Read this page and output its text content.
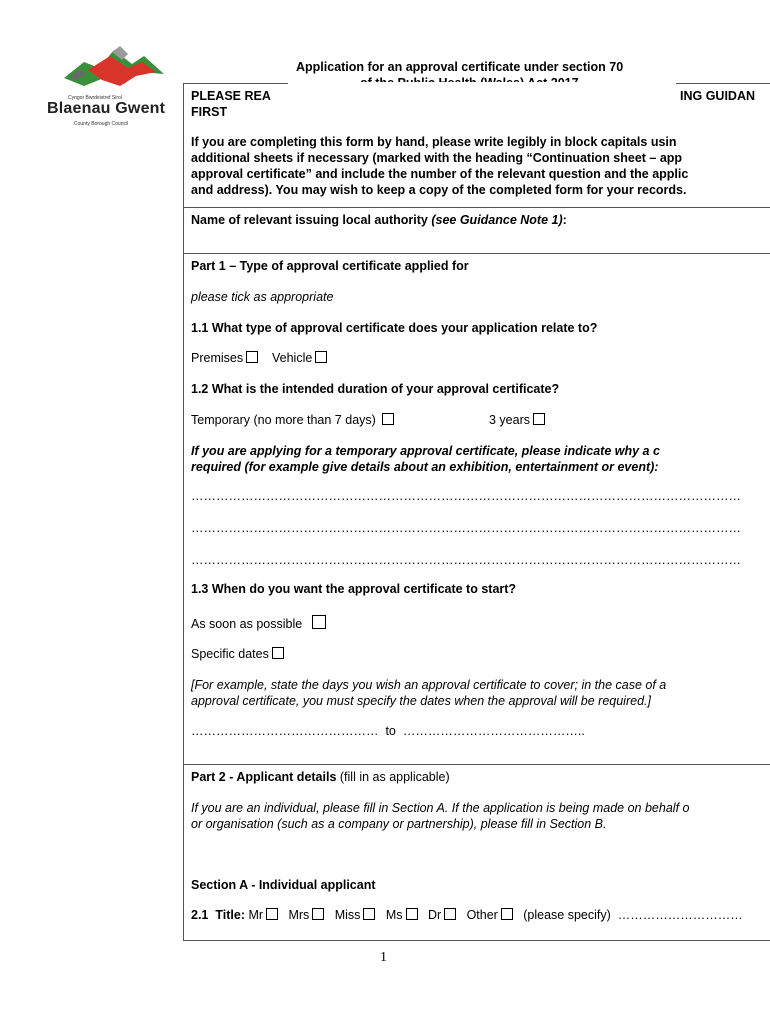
Cyngor Bwrdeistref Sirol
Blaenau Gwent
County Borough Council
Application for an approval certificate under section 70
PLEASE REA	ING GUIDAN
FIRST
If you are completing this form by hand, please write legibly in block capitals usin
additional sheets if necessary (marked with the heading “Continuation sheet – app
approval certificate” and include the number of the relevant question and the applic
and address). You may wish to keep a copy of the completed form for your records.
Name of relevant issuing local authority (see Guidance Note 1):
Part 1 – Type of approval certificate applied for
please tick as appropriate
1.1 What type of approval certificate does your application relate to?
Premises Vehicle
1.2 What is the intended duration of your approval certificate?
Temporary (no more than 7 days)	3 years
If you are applying for a temporary approval certificate, please indicate why a c
required (for example give details about an exhibition, entertainment or event):
……………………………………………………………………………………………………………………
……………………………………………………………………………………………………………………
……………………………………………………………………………………………………………………
1.3 When do you want the approval certificate to start?
As soon as possible
Specific dates
[For example, state the days you wish an approval certificate to cover; in the case of a
approval certificate, you must specify the dates when the approval will be required.]
……………………………………… to ……………………………………..
Part 2 - Applicant details (fill in as applicable)
If you are an individual, please fill in Section A. If the application is being made on behalf o
or organisation (such as a company or partnership), please fill in Section B.
Section A - Individual applicant
2.1 Title: Mr Mrs Miss Ms Dr Other (please specify) …………………………
1
